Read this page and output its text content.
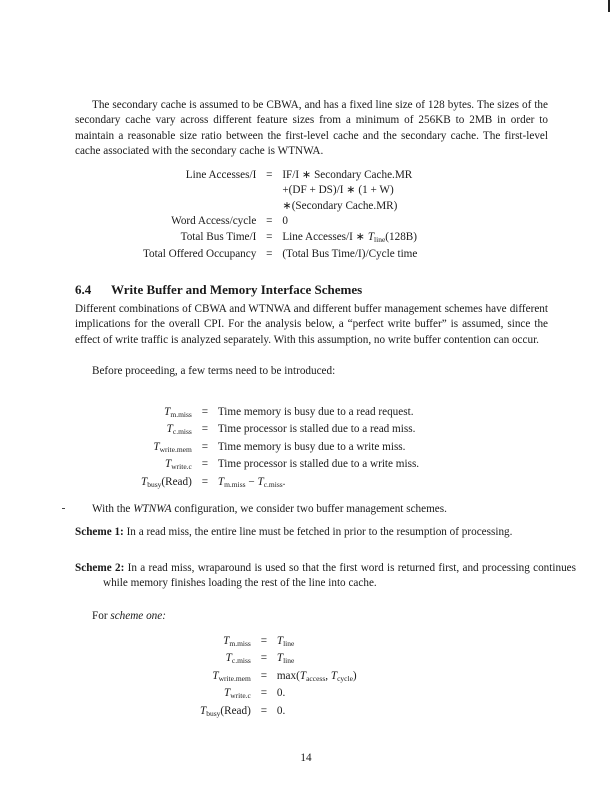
The secondary cache is assumed to be CBWA, and has a fixed line size of 128 bytes. The sizes of the secondary cache vary across different feature sizes from a minimum of 256KB to 2MB in order to maintain a reasonable size ratio between the first-level cache and the secondary cache. The first-level cache associated with the secondary cache is WTNWA.

Line Accesses/I	=	IF/I ∗ Secondary Cache.MR
		+(DF + DS)/I ∗ (1 + W)
		∗(Secondary Cache.MR)
Word Access/cycle	=	0
Total Bus Time/I	=	Line Accesses/I ∗ $T_{line}(128B)$
Total Offered Occupancy	=	(Total Bus Time/I)/Cycle time
6.4 Write Buffer and Memory Interface Schemes

Different combinations of CBWA and WTNWA and different buffer management schemes have different implications for the overall CPI. For the analysis below, a “perfect write buffer” is assumed, since the effect of write traffic is analyzed separately. With this assumption, no write buffer contention can occur.

Before proceeding, a few terms need to be introduced:

$T_{m.miss}$	=	Time memory is busy due to a read request.
$T_{c.miss}$	=	Time processor is stalled due to a read miss.
$T_{write.mem}$	=	Time memory is busy due to a write miss.
$T_{write.c}$	=	Time processor is stalled due to a write miss.
$T_{busy}(Read)$	=	$T_{m.miss} - T_{c.miss}$.

With the WTNWA configuration, we consider two buffer management schemes.

Scheme 1: In a read miss, the entire line must be fetched in prior to the resumption of processing.

Scheme 2: In a read miss, wraparound is used so that the first word is returned first, and processing continues while memory finishes loading the rest of the line into cache.

For scheme one:

$T_{m.miss}$	=	$T_{line}$
$T_{c.miss}$	=	$T_{line}$
$T_{write.mem}$	=	$\max(T_{access}$, $T_{cycle}$)
$T_{write.c}$	=	0.
$T_{busy}(Read)$	=	0.
14
